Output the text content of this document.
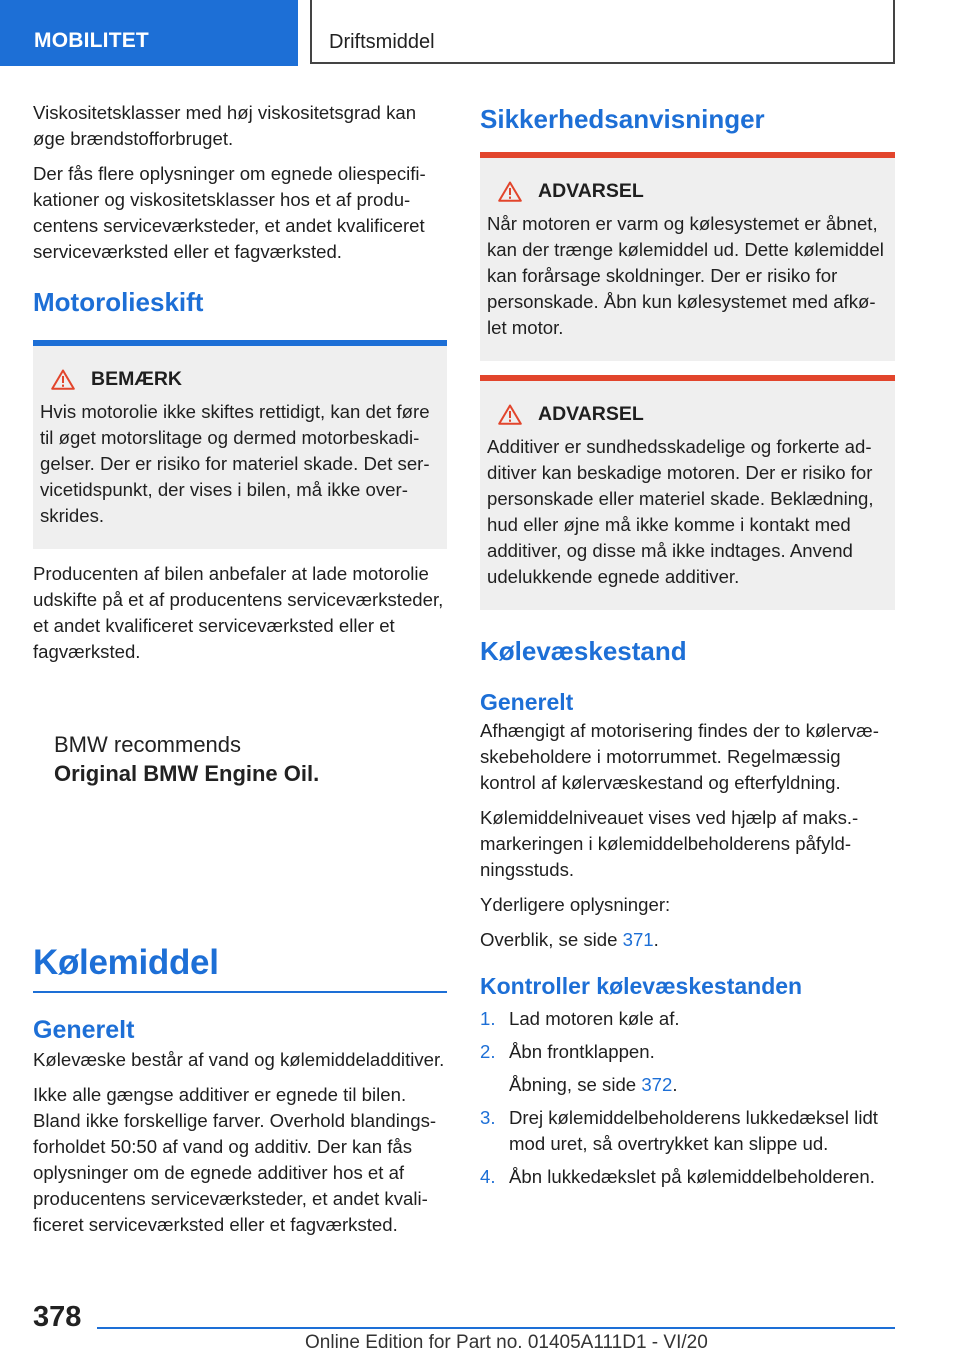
MOBILITET	Driftsmiddel

Viskositetsklasser med høj viskositetsgrad kan øge brændstofforbruget.

Der fås flere oplysninger om egnede oliespecifikationer og viskositetsklasser hos et af producentens serviceværksteder, et andet kvalificeret serviceværksted eller et fagværksted.

Motorolieskift
BEMÆRK

Hvis motorolie ikke skiftes rettidigt, kan det føre til øget motorslitage og dermed motorbeskadigelser. Der er risiko for materiel skade. Det servicetidspunkt, der vises i bilen, må ikke overskrides.

Producenten af bilen anbefaler at lade motorolie udskifte på et af producentens serviceværksteder, et andet kvalificeret serviceværksted eller et fagværksted.

BMW recommends
Original BMW Engine Oil.
Kølemiddel
Generelt

Kølevæske består af vand og kølemiddeladditiver.

Ikke alle gængse additiver er egnede til bilen. Bland ikke forskellige farver. Overhold blandingsforholdet 50:50 af vand og additiv. Der kan fås oplysninger om de egnede additiver hos et af producentens serviceværksteder, et andet kvalificeret serviceværksted eller et fagværksted.

Sikkerhedsanvisninger
ADVARSEL

Når motoren er varm og kølesystemet er åbnet, kan der trænge kølemiddel ud. Dette kølemiddel kan forårsage skoldninger. Der er risiko for personskade. Åbn kun kølesystemet med afkølet motor.

ADVARSEL

Additiver er sundhedsskadelige og forkerte additiver kan beskadige motoren. Der er risiko for personskade eller materiel skade. Beklædning, hud eller øjne må ikke komme i kontakt med additiver, og disse må ikke indtages. Anvend udelukkende egnede additiver.

Kølevæskestand
Generelt

Afhængigt af motorisering findes der to kølervæskebeholdere i motorrummet. Regelmæssig kontrol af kølervæskestand og efterfyldning.

Kølemiddelniveauet vises ved hjælp af maks.-markeringen i kølemiddelbeholderens påfyldningsstuds.

Yderligere oplysninger:

Overblik, se side 371.

Kontroller kølevæskestanden
1. Lad motoren køle af.
2. Åbn frontklappen.
Åbning, se side 372.
3. Drej kølemiddelbeholderens lukkedæksel lidt mod uret, så overtrykket kan slippe ud.
4. Åbn lukkedækslet på kølemiddelbeholderen.
378
Online Edition for Part no. 01405A111D1 - VI/20
